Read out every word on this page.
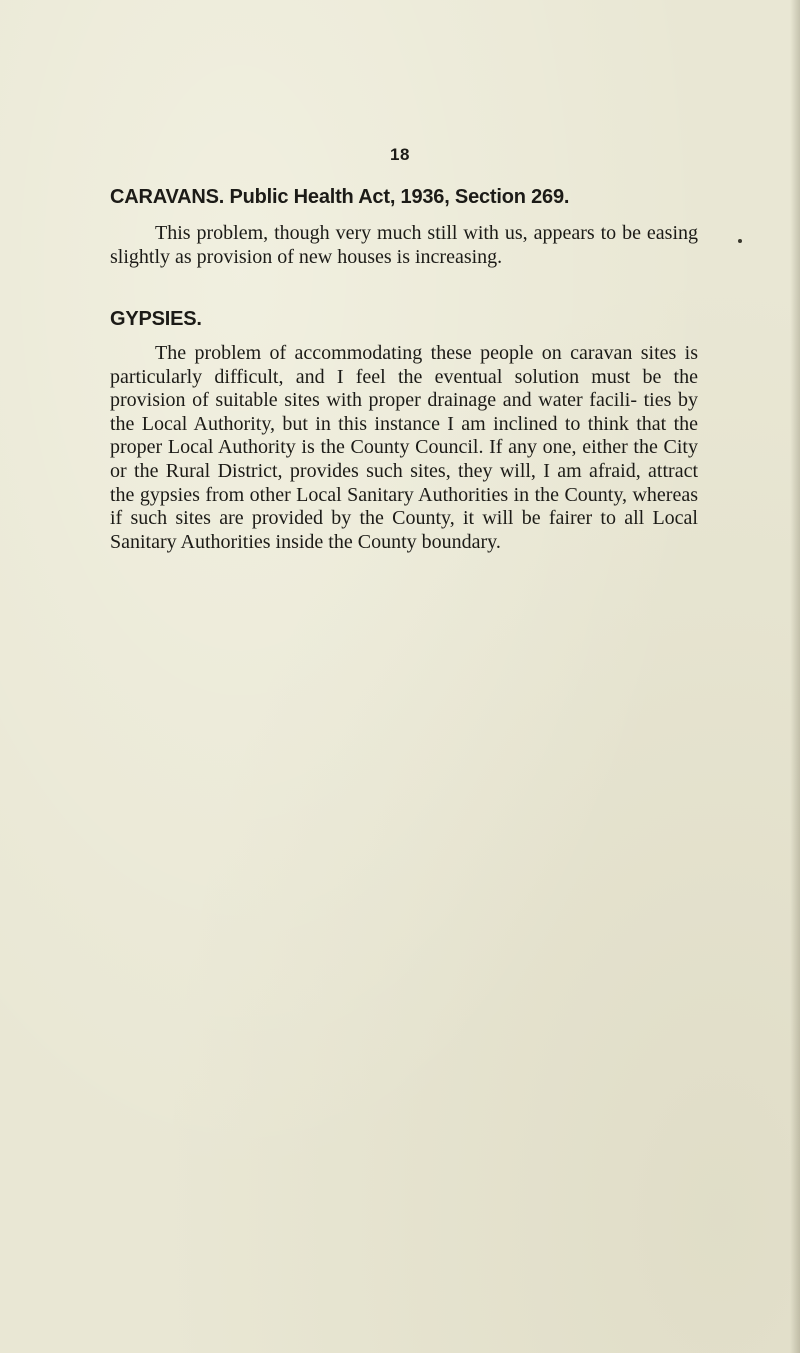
18
CARAVANS. Public Health Act, 1936, Section 269.

This problem, though very much still with us, appears to be easing slightly as provision of new houses is increasing.

GYPSIES.

The problem of accommodating these people on caravan sites is particularly difficult, and I feel the eventual solution must be the provision of suitable sites with proper drainage and water facili- ties by the Local Authority, but in this instance I am inclined to think that the proper Local Authority is the County Council. If any one, either the City or the Rural District, provides such sites, they will, I am afraid, attract the gypsies from other Local Sanitary Authorities in the County, whereas if such sites are provided by the County, it will be fairer to all Local Sanitary Authorities inside the County boundary.
